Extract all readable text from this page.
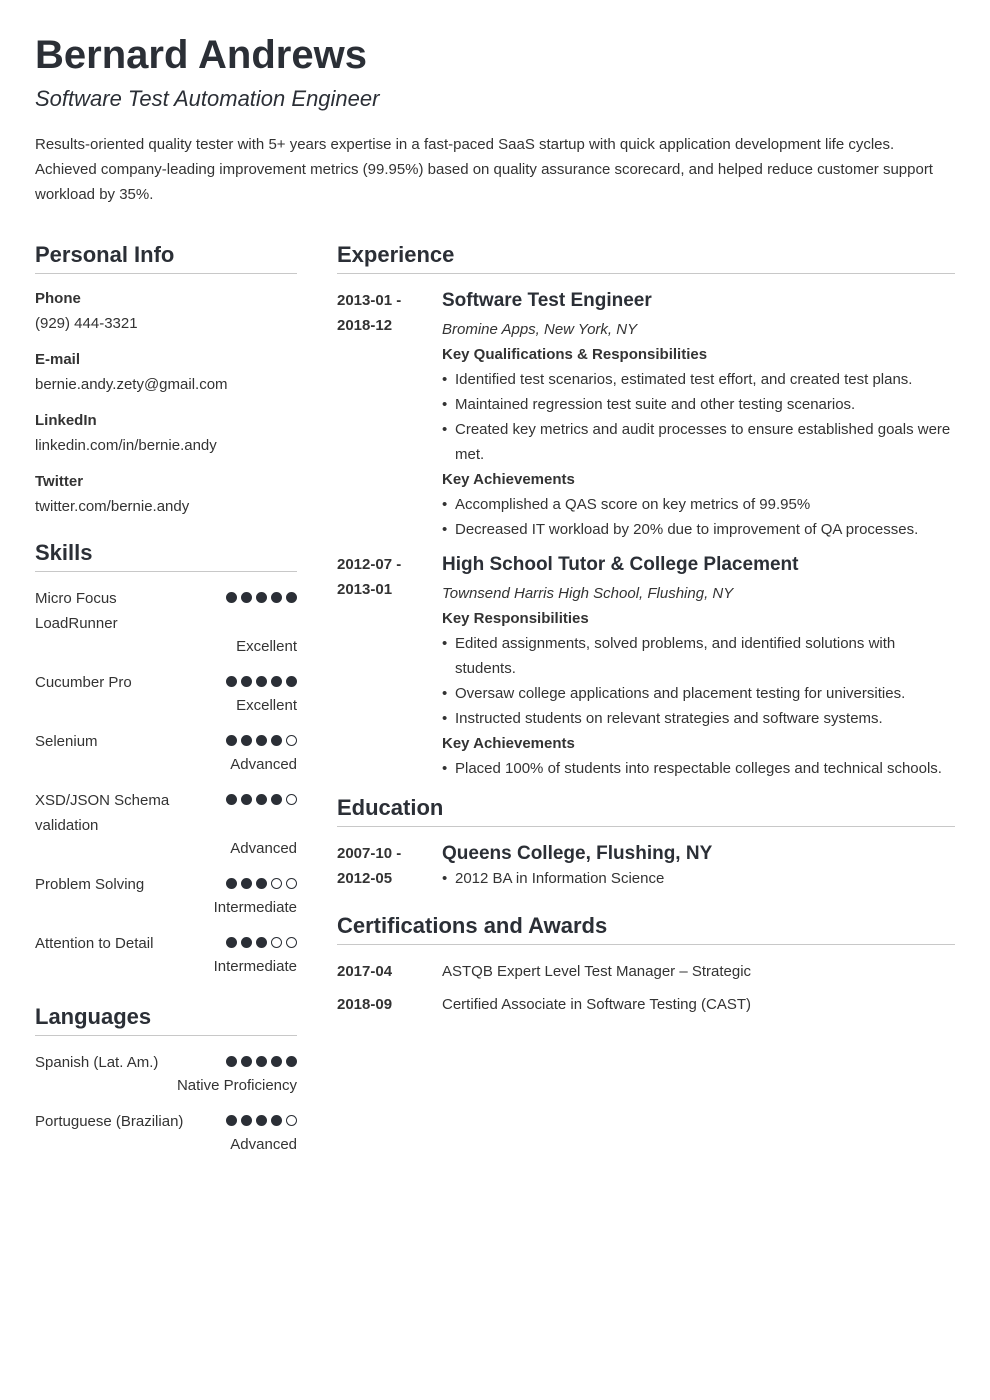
Bernard Andrews
Software Test Automation Engineer
Results-oriented quality tester with 5+ years expertise in a fast-paced SaaS startup with quick application development life cycles. Achieved company-leading improvement metrics (99.95%) based on quality assurance scorecard, and helped reduce customer support workload by 35%.
Personal Info
Phone
(929) 444-3321
E-mail
bernie.andy.zety@gmail.com
LinkedIn
linkedin.com/in/bernie.andy
Twitter
twitter.com/bernie.andy
Skills
Micro Focus LoadRunner
Excellent
Cucumber Pro
Excellent
Selenium
Advanced
XSD/JSON Schema validation
Advanced
Problem Solving
Intermediate
Attention to Detail
Intermediate
Languages
Spanish (Lat. Am.)
Native Proficiency
Portuguese (Brazilian)
Advanced
Experience
2013-01 -
2018-12
Software Test Engineer
Bromine Apps, New York, NY
Key Qualifications & Responsibilities
• Identified test scenarios, estimated test effort, and created test plans.
• Maintained regression test suite and other testing scenarios.
• Created key metrics and audit processes to ensure established goals were met.
Key Achievements
• Accomplished a QAS score on key metrics of 99.95%
• Decreased IT workload by 20% due to improvement of QA processes.
2012-07 -
2013-01
High School Tutor & College Placement
Townsend Harris High School, Flushing, NY
Key Responsibilities
• Edited assignments, solved problems, and identified solutions with students.
• Oversaw college applications and placement testing for universities.
• Instructed students on relevant strategies and software systems.
Key Achievements
• Placed 100% of students into respectable colleges and technical schools.
Education
2007-10 -
2012-05
Queens College, Flushing, NY
• 2012 BA in Information Science
Certifications and Awards
2017-04	ASTQB Expert Level Test Manager – Strategic
2018-09	Certified Associate in Software Testing (CAST)
